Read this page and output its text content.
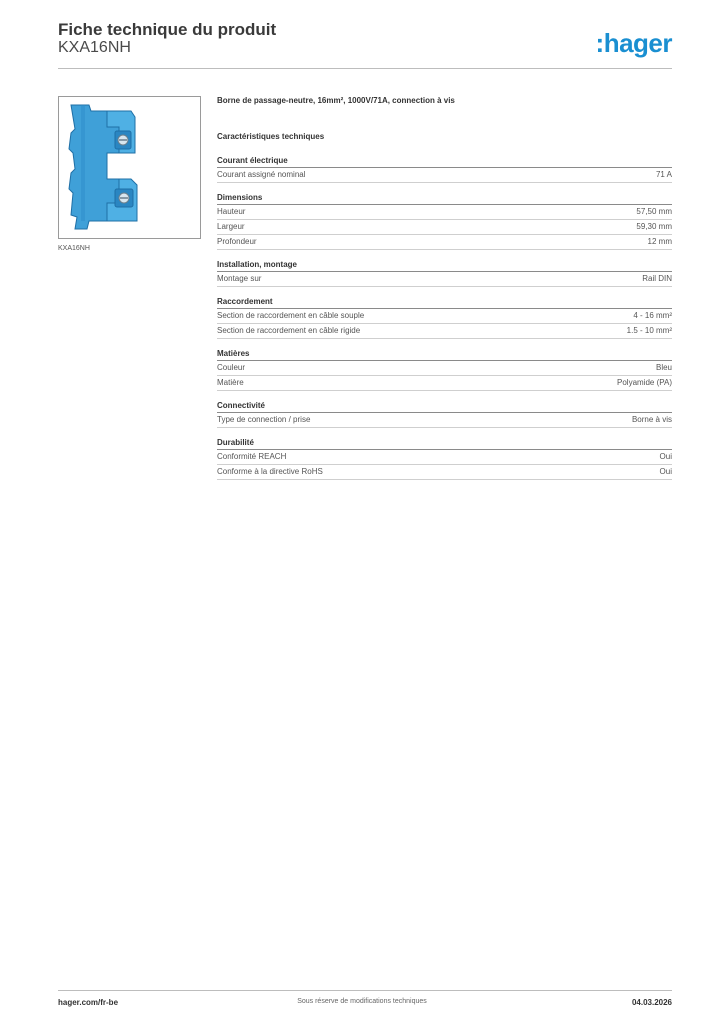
Fiche technique du produit
KXA16NH	:hager
KXA16NH
Borne de passage-neutre, 16mm², 1000V/71A, connection à vis
Caractéristiques techniques
Courant électrique
Courant assigné nominal	71 A
Dimensions
Hauteur	57,50 mm
Largeur	59,30 mm
Profondeur	12 mm
Installation, montage
Montage sur	Rail DIN
Raccordement
Section de raccordement en câble souple	4 - 16 mm²
Section de raccordement en câble rigide	1.5 - 10 mm²
Matières
Couleur	Bleu
Matière	Polyamide (PA)
Connectivité
Type de connection / prise	Borne à vis
Durabilité
Conformité REACH	Oui
Conforme à la directive RoHS	Oui
hager.com/fr-be	Sous réserve de modifications techniques	04.03.2026
